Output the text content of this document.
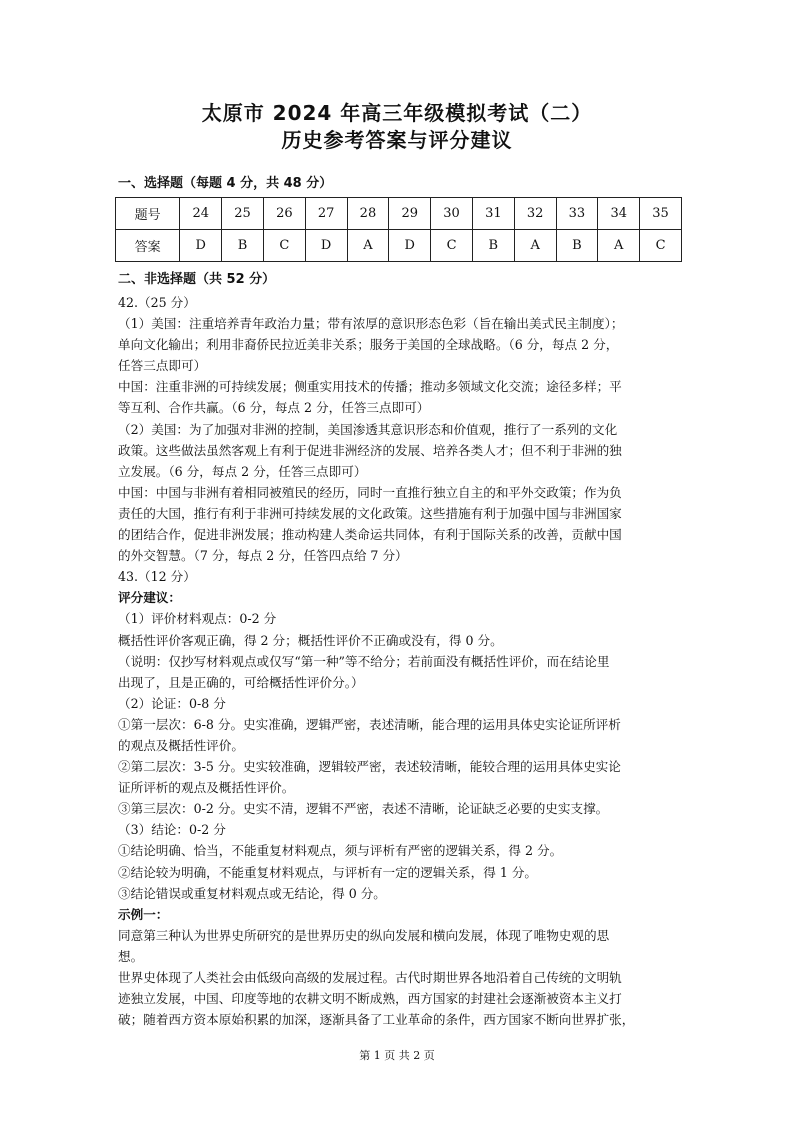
太原市 2024 年高三年级模拟考试（二）
历史参考答案与评分建议
一、选择题（每题 4 分，共 48 分）
题号	24	25	26	27	28	29	30	31	32	33	34	35
答案	D	B	C	D	A	D	C	B	A	B	A	C
二、非选择题（共 52 分）

42.（25 分）

（1）美国：注重培养青年政治力量；带有浓厚的意识形态色彩（旨在输出美式民主制度）；

单向文化输出；利用非裔侨民拉近美非关系；服务于美国的全球战略。（6 分，每点 2 分，

任答三点即可）

中国：注重非洲的可持续发展；侧重实用技术的传播；推动多领域文化交流；途径多样；平

等互利、合作共赢。（6 分，每点 2 分，任答三点即可）

（2）美国：为了加强对非洲的控制，美国渗透其意识形态和价值观，推行了一系列的文化

政策。这些做法虽然客观上有利于促进非洲经济的发展、培养各类人才；但不利于非洲的独

立发展。（6 分，每点 2 分，任答三点即可）

中国：中国与非洲有着相同被殖民的经历，同时一直推行独立自主的和平外交政策；作为负

责任的大国，推行有利于非洲可持续发展的文化政策。这些措施有利于加强中国与非洲国家

的团结合作，促进非洲发展；推动构建人类命运共同体，有利于国际关系的改善，贡献中国

的外交智慧。（7 分，每点 2 分，任答四点给 7 分）

43.（12 分）

评分建议：

（1）评价材料观点：0-2 分

概括性评价客观正确，得 2 分；概括性评价不正确或没有，得 0 分。

（说明：仅抄写材料观点或仅写“第一种”等不给分；若前面没有概括性评价，而在结论里

出现了，且是正确的，可给概括性评价分。）

（2）论证：0-8 分

①第一层次：6-8 分。史实准确，逻辑严密，表述清晰，能合理的运用具体史实论证所评析

的观点及概括性评价。

②第二层次：3-5 分。史实较准确，逻辑较严密，表述较清晰，能较合理的运用具体史实论

证所评析的观点及概括性评价。

③第三层次：0-2 分。史实不清，逻辑不严密，表述不清晰，论证缺乏必要的史实支撑。

（3）结论：0-2 分

①结论明确、恰当，不能重复材料观点，须与评析有严密的逻辑关系，得 2 分。

②结论较为明确，不能重复材料观点，与评析有一定的逻辑关系，得 1 分。

③结论错误或重复材料观点或无结论，得 0 分。

示例一：

同意第三种认为世界史所研究的是世界历史的纵向发展和横向发展，体现了唯物史观的思

想。

世界史体现了人类社会由低级向高级的发展过程。古代时期世界各地沿着自己传统的文明轨

迹独立发展，中国、印度等地的农耕文明不断成熟，西方国家的封建社会逐渐被资本主义打

破；随着西方资本原始积累的加深，逐渐具备了工业革命的条件，西方国家不断向世界扩张，

第 1 页 共 2 页
